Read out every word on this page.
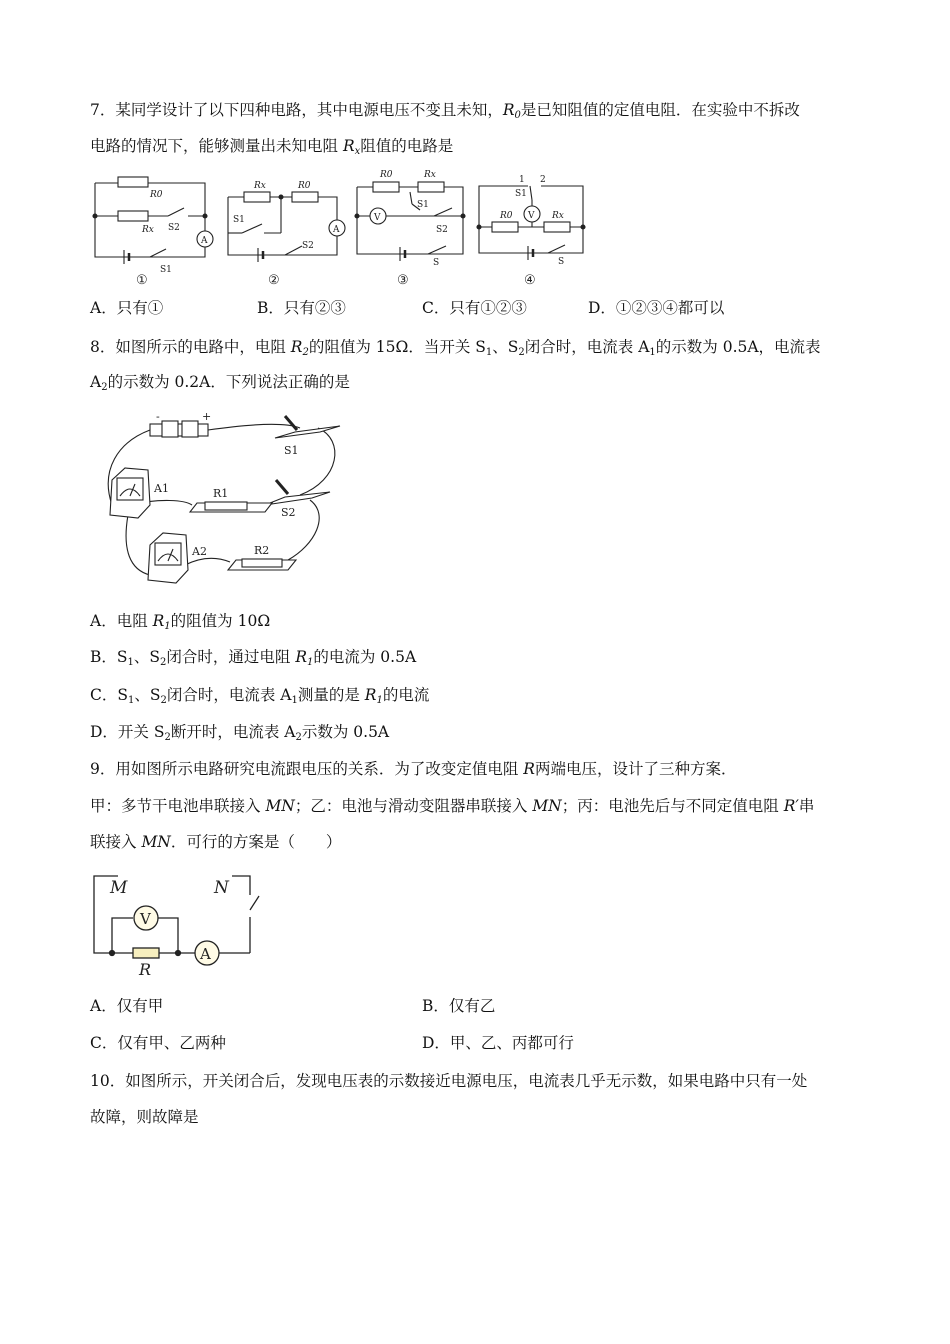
7．某同学设计了以下四种电路，其中电源电压不变且未知，$R_0$是已知阻值的定值电阻．在实验中不拆改
电路的情况下，能够测量出未知电阻 $R_x$阻值的电路是
R0
Rx S2
S1
A
①
Rx	R0
S1
S2
A
②
R0	Rx
V
S1
S2
S
③
1 2
S1
V
R0	Rx
S
④
A．只有①	B．只有②③	C．只有①②③	D．①②③④都可以
8．如图所示的电路中，电阻 $R_2$的阻值为 15Ω．当开关 $S_1$、$S_2$闭合时，电流表 $A_1$的示数为 0.5A，电流表
$A_2$的示数为 0.2A．下列说法正确的是
-	+
S1
S2
A1	R1
A2	R2
A．电阻 $R_1$的阻值为 10Ω
B．$S_1$、$S_2$闭合时，通过电阻 $R_1$的电流为 0.5A
C．$S_1$、$S_2$闭合时，电流表 $A_1$测量的是 $R_1$的电流
D．开关 $S_2$断开时，电流表 $A_2$示数为 0.5A
9．用如图所示电路研究电流跟电压的关系．为了改变定值电阻 R两端电压，设计了三种方案．
甲：多节干电池串联接入 MN；乙：电池与滑动变阻器串联接入 MN；丙：电池先后与不同定值电阻 R′串
联接入 MN．可行的方案是（　　）
M	N
V
A
R
A．仅有甲	B．仅有乙
C．仅有甲、乙两种	D．甲、乙、丙都可行
10．如图所示，开关闭合后，发现电压表的示数接近电源电压，电流表几乎无示数，如果电路中只有一处
故障，则故障是
